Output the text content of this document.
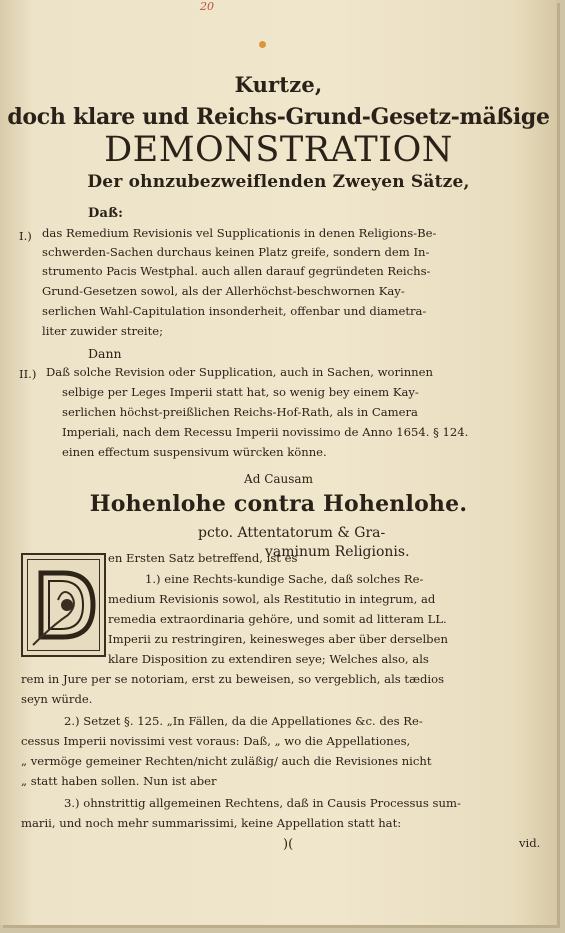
20
Kurtze,
doch klare und Reichs-Grund-Gesetz-mäßige
DEMONSTRATION
Der ohnzubezweiflenden Zweyen Sätze,
Daß:
I.) das Remedium Revisionis vel Supplicationis in denen Religions-Be-
schwerden-Sachen durchaus keinen Platz greife, sondern dem In-
strumento Pacis Westphal. auch allen darauf gegründeten Reichs-
Grund-Gesetzen sowol, als der Allerhöchst-beschwornen Kay-
serlichen Wahl-Capitulation insonderheit, offenbar und diametra-
liter zuwider streite;
Dann
II.) Daß solche Revision oder Supplication, auch in Sachen, worinnen
selbige per Leges Imperii statt hat, so wenig bey einem Kay-
serlichen höchst-preißlichen Reichs-Hof-Rath, als in Camera
Imperiali, nach dem Recessu Imperii novissimo de Anno 1654. § 124.
einen effectum suspensivum würcken könne.
Ad Causam
Hohenlohe contra Hohenlohe.
pcto. Attentatorum & Gra-
vaminum Religionis.
en Ersten Satz betreffend, ist es
1.) eine Rechts-kundige Sache, daß solches Re-
medium Revisionis sowol, als Restitutio in integrum, ad
remedia extraordinaria gehöre, und somit ad litteram LL.
Imperii zu restringiren, keinesweges aber über derselben
klare Disposition zu extendiren seye; Welches also, als
rem in Jure per se notoriam, erst zu beweisen, so vergeblich, als tædios
seyn würde.
2.) Setzet §. 125. „In Fällen, da die Appellationes &c. des Re-
cessus Imperii novissimi vest voraus: Daß, „ wo die Appellationes,
„ vermöge gemeiner Rechten/nicht zuläßig/ auch die Revisiones nicht
„ statt haben sollen. Nun ist aber
3.) ohnstrittig allgemeinen Rechtens, daß in Causis Processus sum-
marii, und noch mehr summarissimi, keine Appellation statt hat:
)(	vid.
